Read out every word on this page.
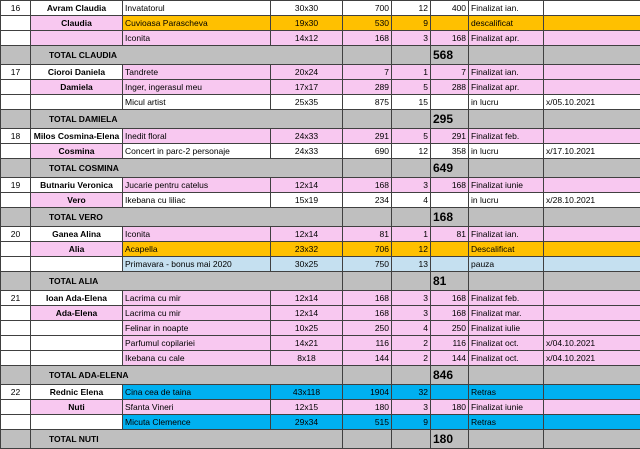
16	Avram Claudia	Invatatorul	30x30	700	12	400	Finalizat ian.	
	Claudia	Cuvioasa Parascheva	19x30	530	9		descalificat	
		Iconita	14x12	168	3	168	Finalizat apr.	
	TOTAL CLAUDIA					568		
17	Cioroi Daniela	Tandrete	20x24	7	1	7	Finalizat ian.	
	Damiela	Inger, ingerasul meu	17x17	289	5	288	Finalizat apr.	
		Micul artist	25x35	875	15		in lucru	x/05.10.2021
	TOTAL DAMIELA					295		
18	Milos Cosmina-Elena	Inedit floral	24x33	291	5	291	Finalizat feb.	
	Cosmina	Concert in parc-2 personaje	24x33	690	12	358	in lucru	x/17.10.2021
	TOTAL COSMINA					649		
19	Butnariu Veronica	Jucarie pentru catelus	12x14	168	3	168	Finalizat iunie	
	Vero	Ikebana cu liliac	15x19	234	4		in lucru	x/28.10.2021
	TOTAL VERO					168		
20	Ganea Alina	Iconita	12x14	81	1	81	Finalizat ian.	
	Alia	Acapella	23x32	706	12		Descalificat	
		Primavara - bonus mai 2020	30x25	750	13		pauza	
	TOTAL ALIA					81		
21	Ioan Ada-Elena	Lacrima cu mir	12x14	168	3	168	Finalizat feb.	
	Ada-Elena	Lacrima cu mir	12x14	168	3	168	Finalizat mar.	
		Felinar in noapte	10x25	250	4	250	Finalizat iulie	
		Parfumul copilariei	14x21	116	2	116	Finalizat oct.	x/04.10.2021
		Ikebana cu cale	8x18	144	2	144	Finalizat oct.	x/04.10.2021
	TOTAL ADA-ELENA					846		
22	Rednic Elena	Cina cea de taina	43x118	1904	32		Retras	
	Nuti	Sfanta Vineri	12x15	180	3	180	Finalizat iunie	
		Micuta Clemence	29x34	515	9		Retras	
	TOTAL NUTI					180		
